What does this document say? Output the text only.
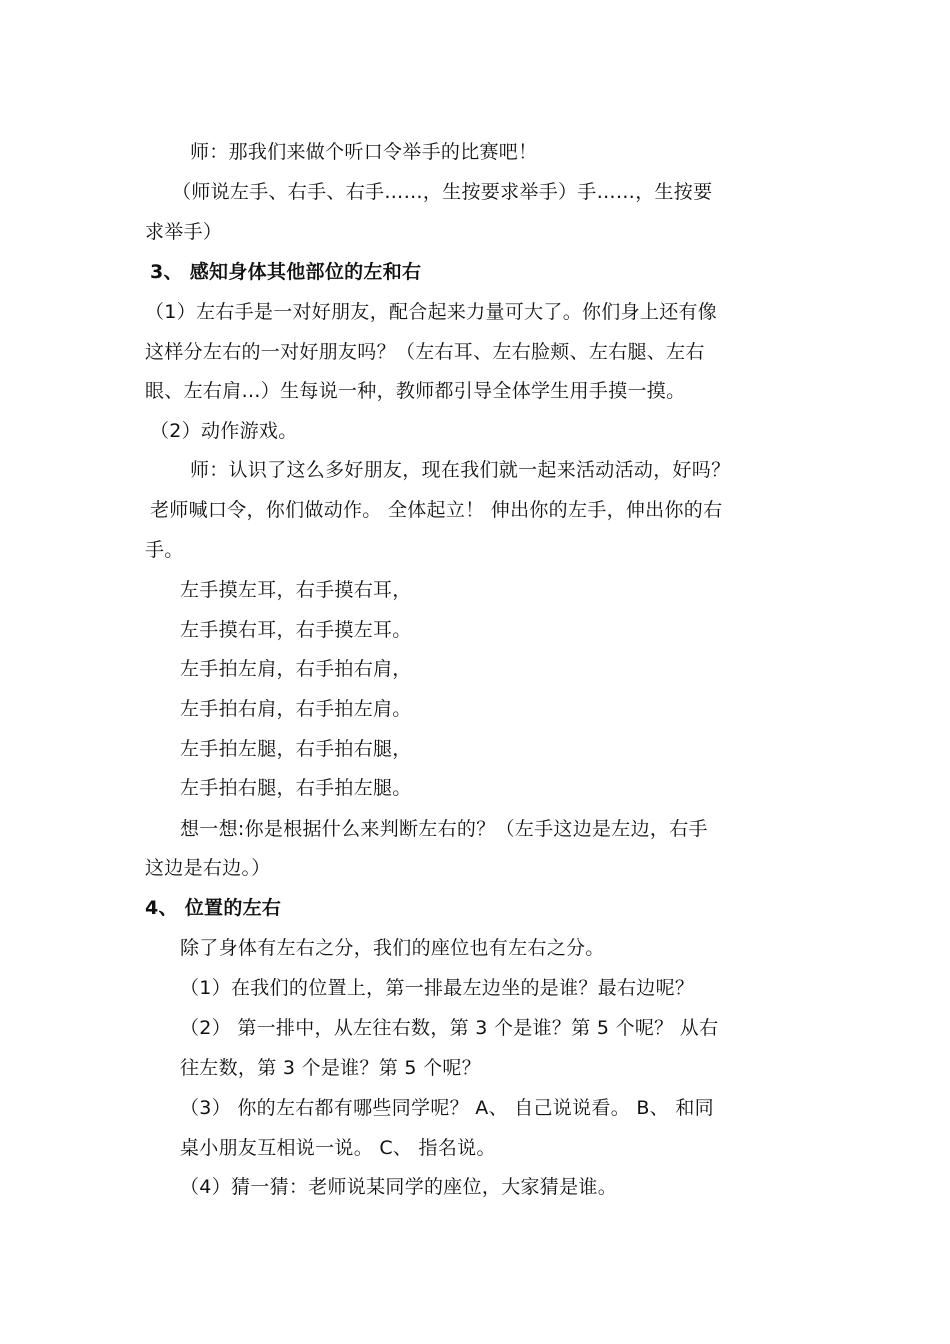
师：那我们来做个听口令举手的比赛吧！
（师说左手、右手、右手……，生按要求举手）手……，生按要
求举手）
3、 感知身体其他部位的左和右
（1）左右手是一对好朋友，配合起来力量可大了。你们身上还有像
这样分左右的一对好朋友吗？（左右耳、左右脸颊、左右腿、左右
眼、左右肩…）生每说一种，教师都引导全体学生用手摸一摸。
（2）动作游戏。
师：认识了这么多好朋友，现在我们就一起来活动活动，好吗？
老师喊口令，你们做动作。 全体起立！ 伸出你的左手，伸出你的右
手。
左手摸左耳，右手摸右耳，
左手摸右耳，右手摸左耳。
左手拍左肩，右手拍右肩，
左手拍右肩，右手拍左肩。
左手拍左腿，右手拍右腿，
左手拍右腿，右手拍左腿。
想一想:你是根据什么来判断左右的？（左手这边是左边，右手
这边是右边。）
4、 位置的左右
除了身体有左右之分，我们的座位也有左右之分。
（1）在我们的位置上，第一排最左边坐的是谁？最右边呢？
（2） 第一排中，从左往右数，第 3 个是谁？第 5 个呢？ 从右
往左数，第 3 个是谁？第 5 个呢？
（3） 你的左右都有哪些同学呢？ A、 自己说说看。 B、 和同
桌小朋友互相说一说。 C、 指名说。
（4）猜一猜：老师说某同学的座位，大家猜是谁。
